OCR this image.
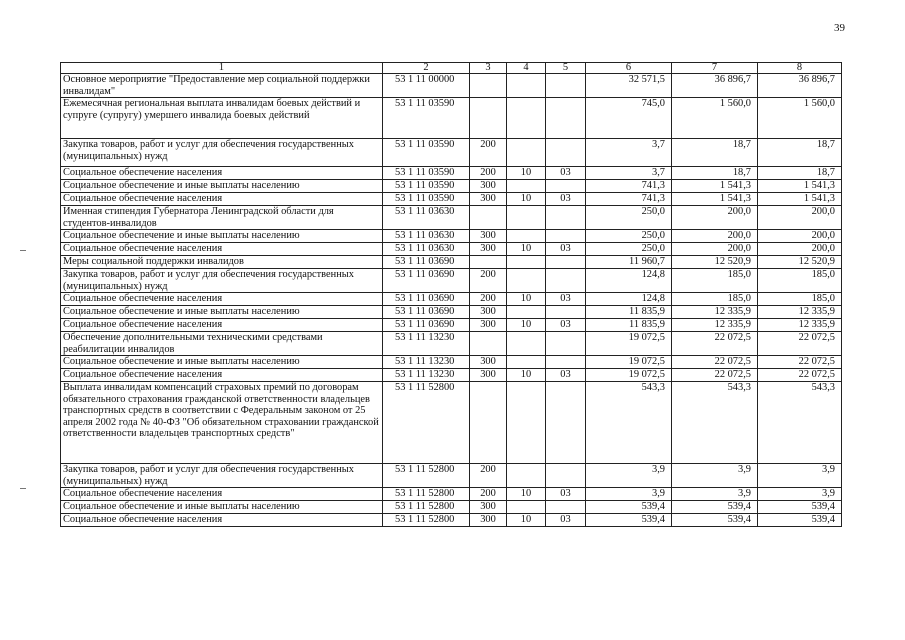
39
1	2	3	4	5	6	7	8
Основное мероприятие "Предоставление мер социальной поддержки инвалидам"	53 1 11 00000				32 571,5	36 896,7	36 896,7
Ежемесячная региональная выплата инвалидам боевых действий и супруге (супругу) умершего инвалида боевых действий	53 1 11 03590				745,0	1 560,0	1 560,0
Закупка товаров, работ и услуг для обеспечения государственных (муниципальных) нужд	53 1 11 03590	200			3,7	18,7	18,7
Социальное обеспечение населения	53 1 11 03590	200	10	03	3,7	18,7	18,7
Социальное обеспечение и иные выплаты населению	53 1 11 03590	300			741,3	1 541,3	1 541,3
Социальное обеспечение населения	53 1 11 03590	300	10	03	741,3	1 541,3	1 541,3
Именная стипендия Губернатора Ленинградской области для студентов-инвалидов	53 1 11 03630				250,0	200,0	200,0
Социальное обеспечение и иные выплаты населению	53 1 11 03630	300			250,0	200,0	200,0
Социальное обеспечение населения	53 1 11 03630	300	10	03	250,0	200,0	200,0
Меры социальной поддержки инвалидов	53 1 11 03690				11 960,7	12 520,9	12 520,9
Закупка товаров, работ и услуг для обеспечения государственных (муниципальных) нужд	53 1 11 03690	200			124,8	185,0	185,0
Социальное обеспечение населения	53 1 11 03690	200	10	03	124,8	185,0	185,0
Социальное обеспечение и иные выплаты населению	53 1 11 03690	300			11 835,9	12 335,9	12 335,9
Социальное обеспечение населения	53 1 11 03690	300	10	03	11 835,9	12 335,9	12 335,9
Обеспечение дополнительными техническими средствами реабилитации инвалидов	53 1 11 13230				19 072,5	22 072,5	22 072,5
Социальное обеспечение и иные выплаты населению	53 1 11 13230	300			19 072,5	22 072,5	22 072,5
Социальное обеспечение населения	53 1 11 13230	300	10	03	19 072,5	22 072,5	22 072,5
Выплата инвалидам компенсаций страховых премий по договорам обязательного страхования гражданской ответственности владельцев транспортных средств в соответствии с Федеральным законом от 25 апреля 2002 года № 40-ФЗ "Об обязательном страховании гражданской ответственности владельцев транспортных средств"	53 1 11 52800				543,3	543,3	543,3
Закупка товаров, работ и услуг для обеспечения государственных (муниципальных) нужд	53 1 11 52800	200			3,9	3,9	3,9
Социальное обеспечение населения	53 1 11 52800	200	10	03	3,9	3,9	3,9
Социальное обеспечение и иные выплаты населению	53 1 11 52800	300			539,4	539,4	539,4
Социальное обеспечение населения	53 1 11 52800	300	10	03	539,4	539,4	539,4
